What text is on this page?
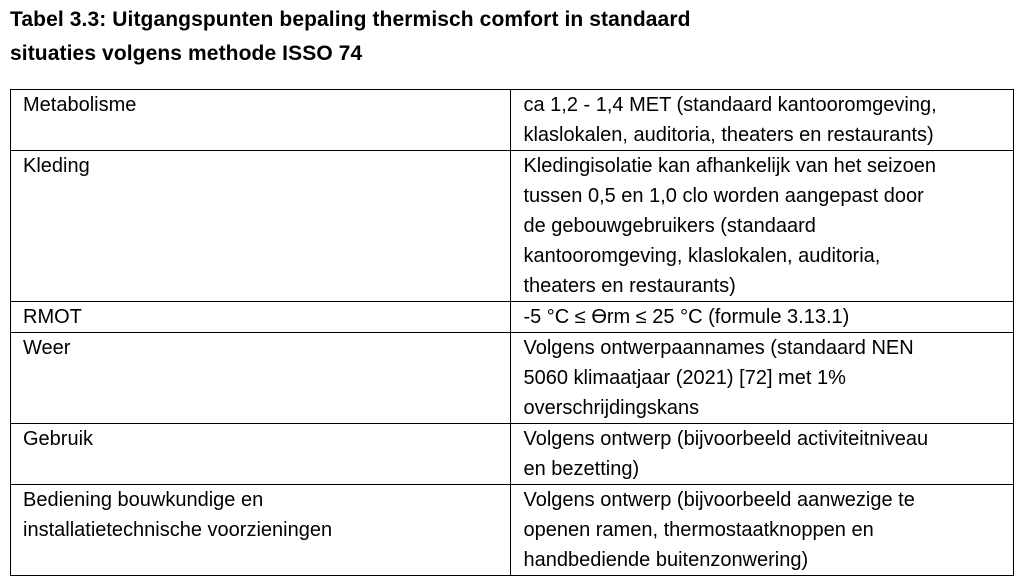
Tabel 3.3: Uitgangspunten bepaling thermisch comfort in standaard
situaties volgens methode ISSO 74
Metabolisme	ca 1,2 - 1,4 MET (standaard kantooromgeving,
klaslokalen, auditoria, theaters en restaurants)

Kleding	Kledingisolatie kan afhankelijk van het seizoen
tussen 0,5 en 1,0 clo worden aangepast door
de gebouwgebruikers (standaard
kantooromgeving, klaslokalen, auditoria,
theaters en restaurants)

RMOT	-5 °C ≤ Ɵrm ≤ 25 °C (formule 3.13.1)

Weer	Volgens ontwerpaannames (standaard NEN
5060 klimaatjaar (2021) [72] met 1%
overschrijdingskans

Gebruik	Volgens ontwerp (bijvoorbeeld activiteitniveau
en bezetting)

Bediening bouwkundige en
installatietechnische voorzieningen	Volgens ontwerp (bijvoorbeeld aanwezige te
openen ramen, thermostaatknoppen en
handbediende buitenzonwering)
